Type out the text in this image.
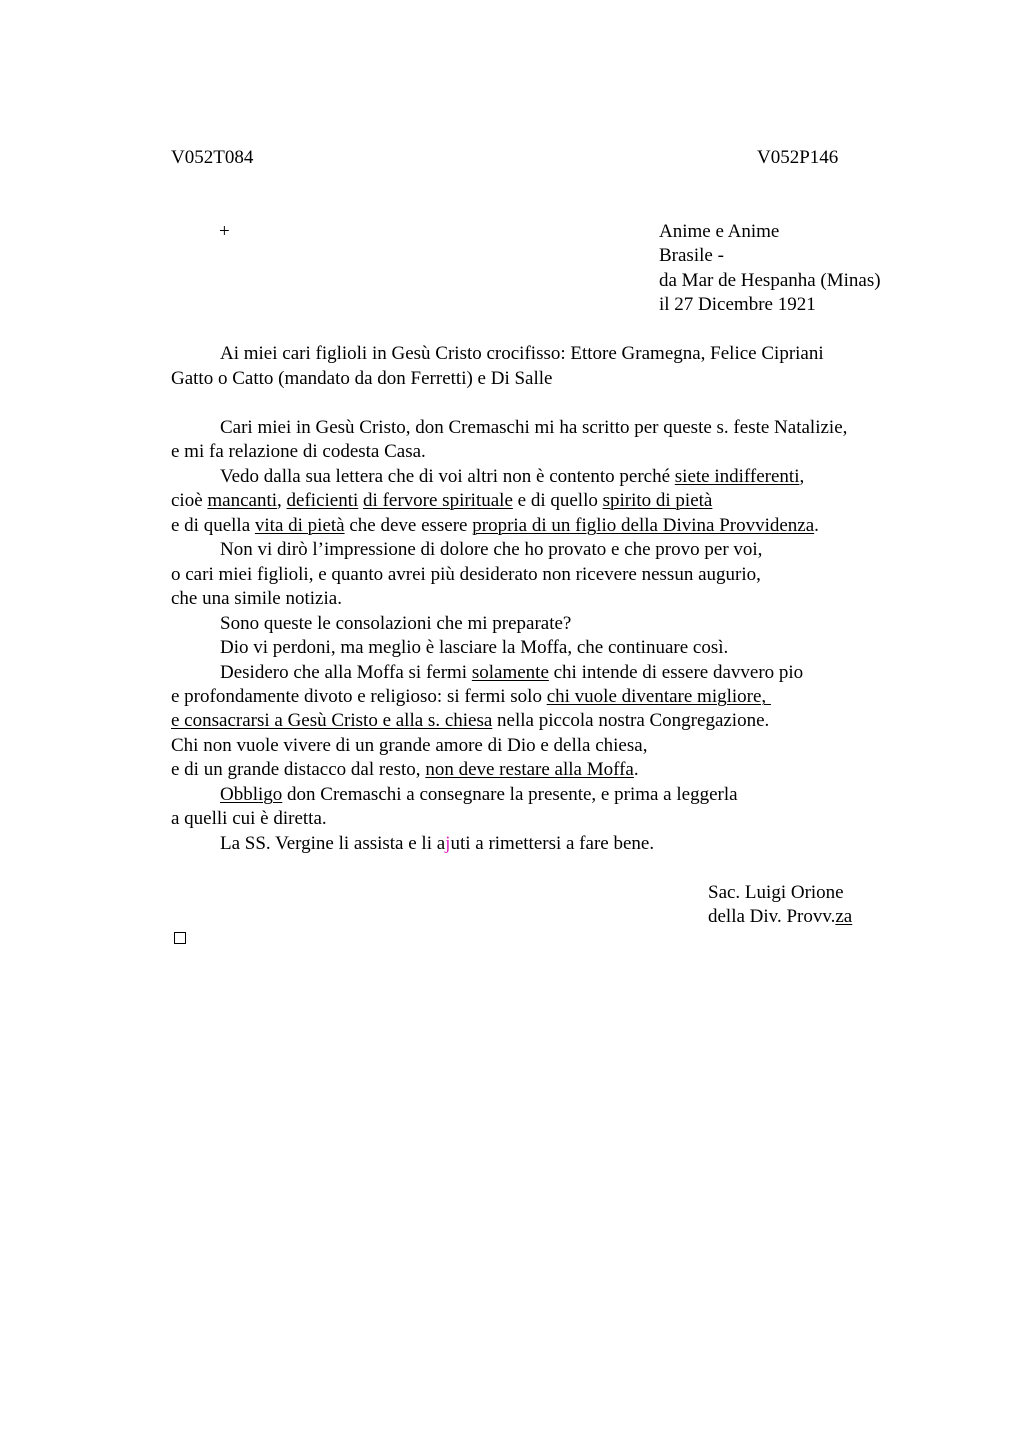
V052T084	V052P146
+	Anime e Anime
Brasile -
da Mar de Hespanha (Minas)
il 27 Dicembre 1921
Ai miei cari figlioli in Gesù Cristo crocifisso: Ettore Gramegna, Felice Cipriani
Gatto o Catto (mandato da don Ferretti) e Di Salle
Cari miei in Gesù Cristo, don Cremaschi mi ha scritto per queste s. feste Natalizie,
e mi fa relazione di codesta Casa.
Vedo dalla sua lettera che di voi altri non è contento perché siete indifferenti,
cioè mancanti, deficienti di fervore spirituale e di quello spirito di pietà
e di quella vita di pietà che deve essere propria di un figlio della Divina Provvidenza.
Non vi dirò l’impressione di dolore che ho provato e che provo per voi,
o cari miei figlioli, e quanto avrei più desiderato non ricevere nessun augurio,
che una simile notizia.
Sono queste le consolazioni che mi preparate?
Dio vi perdoni, ma meglio è lasciare la Moffa, che continuare così.
Desidero che alla Moffa si fermi solamente chi intende di essere davvero pio
e profondamente divoto e religioso: si fermi solo chi vuole diventare migliore,
e consacrarsi a Gesù Cristo e alla s. chiesa nella piccola nostra Congregazione.
Chi non vuole vivere di un grande amore di Dio e della chiesa,
e di un grande distacco dal resto, non deve restare alla Moffa.
Obbligo don Cremaschi a consegnare la presente, e prima a leggerla
a quelli cui è diretta.
La SS. Vergine li assista e li ajuti a rimettersi a fare bene.
Sac. Luigi Orione
della Div. Provv.za
